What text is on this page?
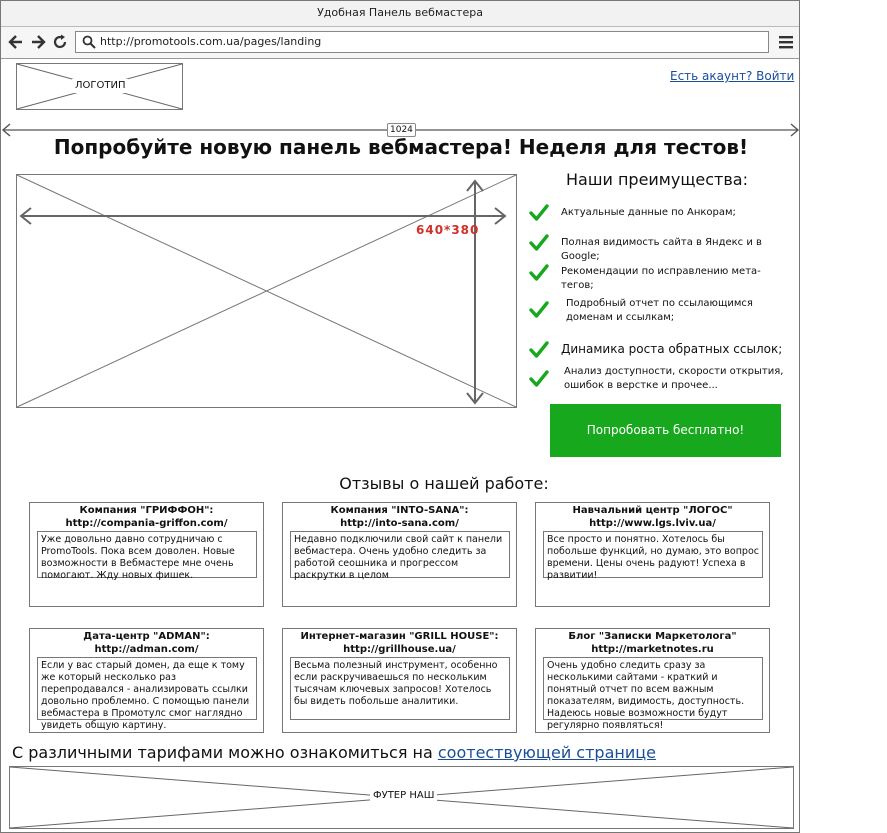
Удобная Панель вебмастера
http://promotools.com.ua/pages/landing
ЛОГОТИП
Есть акаунт? Войти
1024
Попробуйте новую панель вебмастера! Неделя для тестов!
640*380
Наши преимущества:
Актуальные данные по Анкорам;
Полная видимость сайта в Яндекс и в Google;
Рекомендации по исправлению мета-тегов;
Подробный отчет по ссылающимся доменам и ссылкам;
Динамика роста обратных ссылок;
Анализ доступности, скорости открытия, ошибок в верстке и прочее...
Попробовать бесплатно!
Отзывы о нашей работе:
Компания "ГРИФФОН":
http://compania-griffon.com/
Уже довольно давно сотрудничаю с PromoTools. Пока всем доволен. Новые возможности в Вебмастере мне очень помогают. Жду новых фишек.
Компания "INTO-SANA":
http://into-sana.com/
Недавно подключили свой сайт к панели вебмастера. Очень удобно следить за работой сеошника и прогрессом раскрутки в целом
Навчальний центр "ЛОГОС"
http://www.lgs.lviv.ua/
Все просто и понятно. Хотелось бы побольше функций, но думаю, это вопрос времени. Цены очень радуют! Успеха в развитии!
Дата-центр "ADMAN":
http://adman.com/
Если у вас старый домен, да еще к тому же который несколько раз перепродавался - анализировать ссылки довольно проблемно. С помощью панели вебмастера в Промотулс смог наглядно увидеть общую картину.
Интернет-магазин "GRILL HOUSE":
http://grillhouse.ua/
Весьма полезный инструмент, особенно если раскручиваешься по нескольким тысячам ключевых запросов! Хотелось бы видеть побольше аналитики.
Блог "Записки Маркетолога"
http://marketnotes.ru
Очень удобно следить сразу за несколькими сайтами - краткий и понятный отчет по всем важным показателям, видимость, доступность. Надеюсь новые возможности будут регулярно появляться!
С различными тарифами можно ознакомиться на соотествующей странице
ФУТЕР НАШ
